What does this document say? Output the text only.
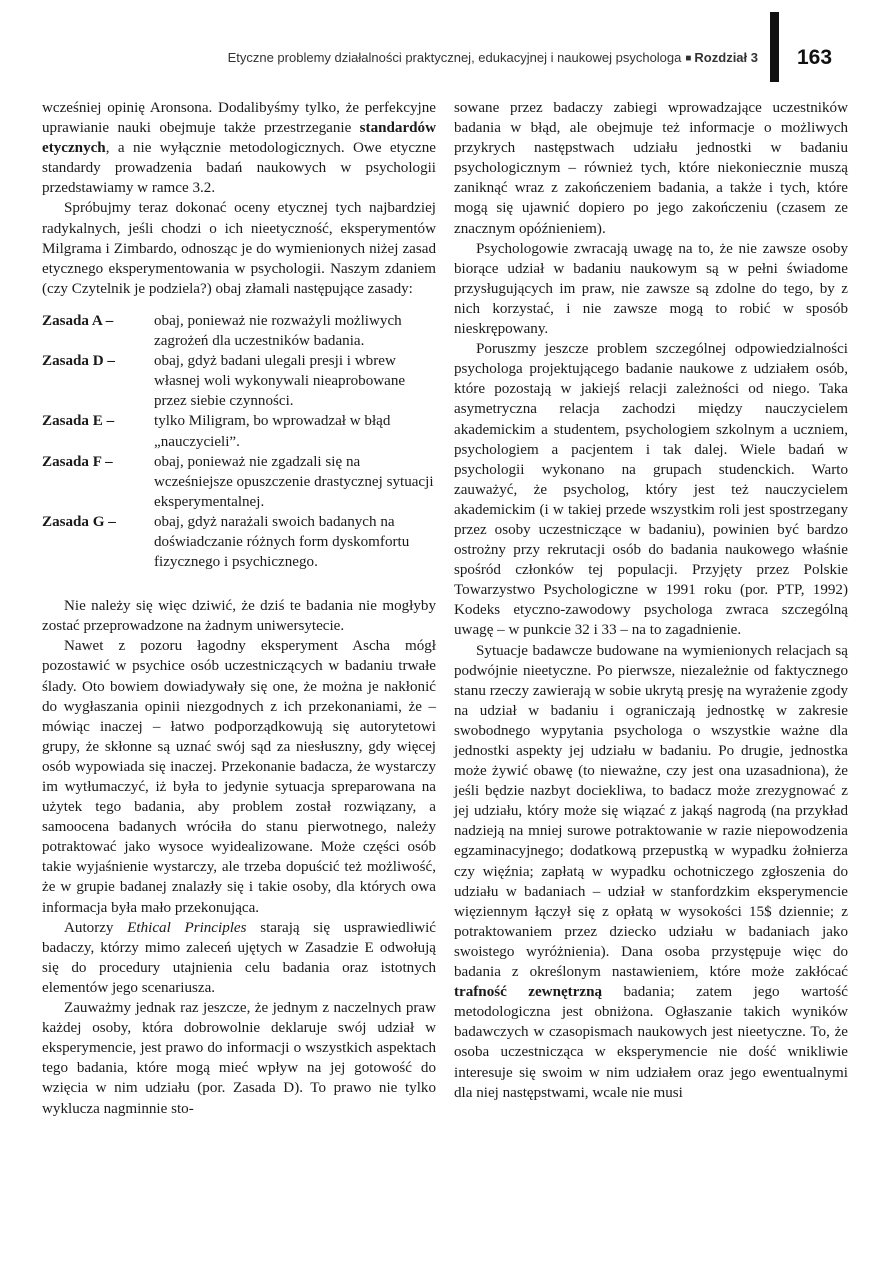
Etyczne problemy działalności praktycznej, edukacyjnej i naukowej psychologa ■ Rozdział 3 163

wcześniej opinię Aronsona. Dodalibyśmy tylko, że perfekcyjne uprawianie nauki obejmuje także przestrzeganie standardów etycznych, a nie wyłącznie metodologicznych. Owe etyczne standardy prowadzenia badań naukowych w psychologii przedstawiamy w ramce 3.2.

Spróbujmy teraz dokonać oceny etycznej tych najbardziej radykalnych, jeśli chodzi o ich nieetyczność, eksperymentów Milgrama i Zimbardo, odnosząc je do wymienionych niżej zasad etycznego eksperymentowania w psychologii. Naszym zdaniem (czy Czytelnik je podziela?) obaj złamali następujące zasady:

Zasada A –	obaj, ponieważ nie rozważyli możliwych zagrożeń dla uczestników badania.
Zasada D –	obaj, gdyż badani ulegali presji i wbrew własnej woli wykonywali nieaprobowane przez siebie czynności.
Zasada E –	tylko Miligram, bo wprowadzał w błąd „nauczycieli”.
Zasada F –	obaj, ponieważ nie zgadzali się na wcześniejsze opuszczenie drastycznej sytuacji eksperymentalnej.
Zasada G –	obaj, gdyż narażali swoich badanych na doświadczanie różnych form dyskomfortu fizycznego i psychicznego.

Nie należy się więc dziwić, że dziś te badania nie mogłyby zostać przeprowadzone na żadnym uniwersytecie.

Nawet z pozoru łagodny eksperyment Ascha mógł pozostawić w psychice osób uczestniczących w badaniu trwałe ślady. Oto bowiem dowiadywały się one, że można je nakłonić do wygłaszania opinii niezgodnych z ich przekonaniami, że – mówiąc inaczej – łatwo podporządkowują się autorytetowi grupy, że skłonne są uznać swój sąd za niesłuszny, gdy więcej osób wypowiada się inaczej. Przekonanie badacza, że wystarczy im wytłumaczyć, iż była to jedynie sytuacja spreparowana na użytek tego badania, aby problem został rozwiązany, a samoocena badanych wróciła do stanu pierwotnego, należy potraktować jako wysoce wyidealizowane. Może części osób takie wyjaśnienie wystarczy, ale trzeba dopuścić też możliwość, że w grupie badanej znalazły się i takie osoby, dla których owa informacja była mało przekonująca.

Autorzy Ethical Principles starają się usprawiedliwić badaczy, którzy mimo zaleceń ujętych w Zasadzie E odwołują się do procedury utajnienia celu badania oraz istotnych elementów jego scenariusza.

Zauważmy jednak raz jeszcze, że jednym z naczelnych praw każdej osoby, która dobrowolnie deklaruje swój udział w eksperymencie, jest prawo do informacji o wszystkich aspektach tego badania, które mogą mieć wpływ na jej gotowość do wzięcia w nim udziału (por. Zasada D). To prawo nie tylko wyklucza nagminnie sto-

sowane przez badaczy zabiegi wprowadzające uczestników badania w błąd, ale obejmuje też informacje o możliwych przykrych następstwach udziału jednostki w badaniu psychologicznym – również tych, które niekoniecznie muszą zaniknąć wraz z zakończeniem badania, a także i tych, które mogą się ujawnić dopiero po jego zakończeniu (czasem ze znacznym opóźnieniem).

Psychologowie zwracają uwagę na to, że nie zawsze osoby biorące udział w badaniu naukowym są w pełni świadome przysługujących im praw, nie zawsze są zdolne do tego, by z nich korzystać, i nie zawsze mogą to robić w sposób nieskrępowany.

Poruszmy jeszcze problem szczególnej odpowiedzialności psychologa projektującego badanie naukowe z udziałem osób, które pozostają w jakiejś relacji zależności od niego. Taka asymetryczna relacja zachodzi między nauczycielem akademickim a studentem, psychologiem szkolnym a uczniem, psychologiem a pacjentem i tak dalej. Wiele badań w psychologii wykonano na grupach studenckich. Warto zauważyć, że psycholog, który jest też nauczycielem akademickim (i w takiej przede wszystkim roli jest spostrzegany przez osoby uczestniczące w badaniu), powinien być bardzo ostrożny przy rekrutacji osób do badania naukowego właśnie spośród członków tej populacji. Przyjęty przez Polskie Towarzystwo Psychologiczne w 1991 roku (por. PTP, 1992) Kodeks etyczno-zawodowy psychologa zwraca szczególną uwagę – w punkcie 32 i 33 – na to zagadnienie.

Sytuacje badawcze budowane na wymienionych relacjach są podwójnie nieetyczne. Po pierwsze, niezależnie od faktycznego stanu rzeczy zawierają w sobie ukrytą presję na wyrażenie zgody na udział w badaniu i ograniczają jednostkę w zakresie swobodnego wypytania psychologa o wszystkie ważne dla jednostki aspekty jej udziału w badaniu. Po drugie, jednostka może żywić obawę (to nieważne, czy jest ona uzasadniona), że jeśli będzie nazbyt dociekliwa, to badacz może zrezygnować z jej udziału, który może się wiązać z jakąś nagrodą (na przykład nadzieją na mniej surowe potraktowanie w razie niepowodzenia egzaminacyjnego; dodatkową przepustką w wypadku żołnierza czy więźnia; zapłatą w wypadku ochotniczego zgłoszenia do udziału w badaniach – udział w stanfordzkim eksperymencie więziennym łączył się z opłatą w wysokości 15$ dziennie; z potraktowaniem przez dziecko udziału w badaniach jako swoistego wyróżnienia). Dana osoba przystępuje więc do badania z określonym nastawieniem, które może zakłócać trafność zewnętrzną badania; zatem jego wartość metodologiczna jest obniżona. Ogłaszanie takich wyników badawczych w czasopismach naukowych jest nieetyczne. To, że osoba uczestnicząca w eksperymencie nie dość wnikliwie interesuje się swoim w nim udziałem oraz jego ewentualnymi dla niej następstwami, wcale nie musi
